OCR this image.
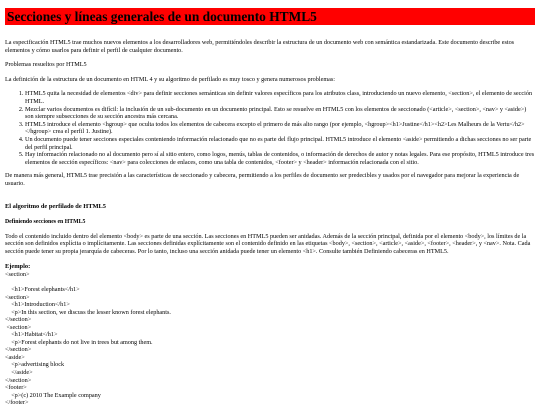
Secciones y líneas generales de un documento HTML5

La especificación HTML5 trae muchos nuevos elementos a los desarrolladores web, permitiéndoles describir la estructura de un documento web con semántica estandarizada. Este documento describe estos elementos y cómo usarlos para definir el perfil de cualquier documento.

Problemas resueltos por HTML5

La definición de la estructura de un documento en HTML 4 y su algoritmo de perfilado es muy tosco y genera numerosos problemas:

1. HTML5 quita la necesidad de elementos <div> para definir secciones semánticas sin definir valores específicos para los atributos class, introduciendo un nuevo elemento, <section>, el elemento de sección HTML.
2. Mezclar varios documentos es difícil: la inclusión de un sub-documento en un documento principal. Esto se resuelve en HTML5 con los elementos de seccionado (<article>, <section>, <nav> y <aside>) son siempre subsecciones de su sección ancestra más cercana.
3. HTML5 introduce el elemento <hgroup> que oculta todos los elementos de cabecera excepto el primero de más alto rango (por ejemplo, <hgroup><h1>Justine</h1><h2>Les Malheurs de la Vertu</h2></hgroup> crea el perfil 1. Justine).
4. Un documento puede tener secciones especiales conteniendo información relacionado que no es parte del flujo principal. HTML5 introduce el elemento <aside> permitiendo a dichas secciones no ser parte del perfil principal.
5. Hay información relacionado no al documento pero sí al sitio entero, como logos, menús, tablas de contenidos, o información de derechos de autor y notas legales. Para ese propósito, HTML5 introduce tres elementos de sección específicos: <nav> para colecciones de enlaces, como una tabla de contenidos, <footer> y <header> información relacionada con el sitio.

De manera más general, HTML5 trae precisión a las características de seccionado y cabecera, permitiendo a los perfiles de documento ser predecibles y usados por el navegador para mejorar la experiencia de usuario.

El algoritmo de perfilado de HTML5
Definiendo secciones en HTML5

Todo el contenido incluido dentro del elemento <body> es parte de una sección. Las secciones en HTML5 pueden ser anidadas. Además de la sección principal, definida por el elemento <body>, los límites de la sección son definidos explícita o implícitamente. Las secciones definidas explícitamente son el contenido definido en las etiquetas <body>, <section>, <article>, <aside>, <footer>, <header>, y <nav>. Nota. Cada sección puede tener su propia jerarquía de cabeceras. Por lo tanto, incluso una sección anidada puede tener un elemento <h1>. Consulte también Definiendo cabeceras en HTML5.

Ejemplo:
<section>

<h1>Forest elephants</h1>
<section>
<h1>Introduction</h1>
<p>In this section, we discuss the lesser known forest elephants.
</section>
<section>
<h1>Habitat</h1>
<p>Forest elephants do not live in trees but among them.
</section>
<aside>
<p>advertising block
</aside>
</section>
<footer>
<p>(c) 2010 The Example company
</footer>
